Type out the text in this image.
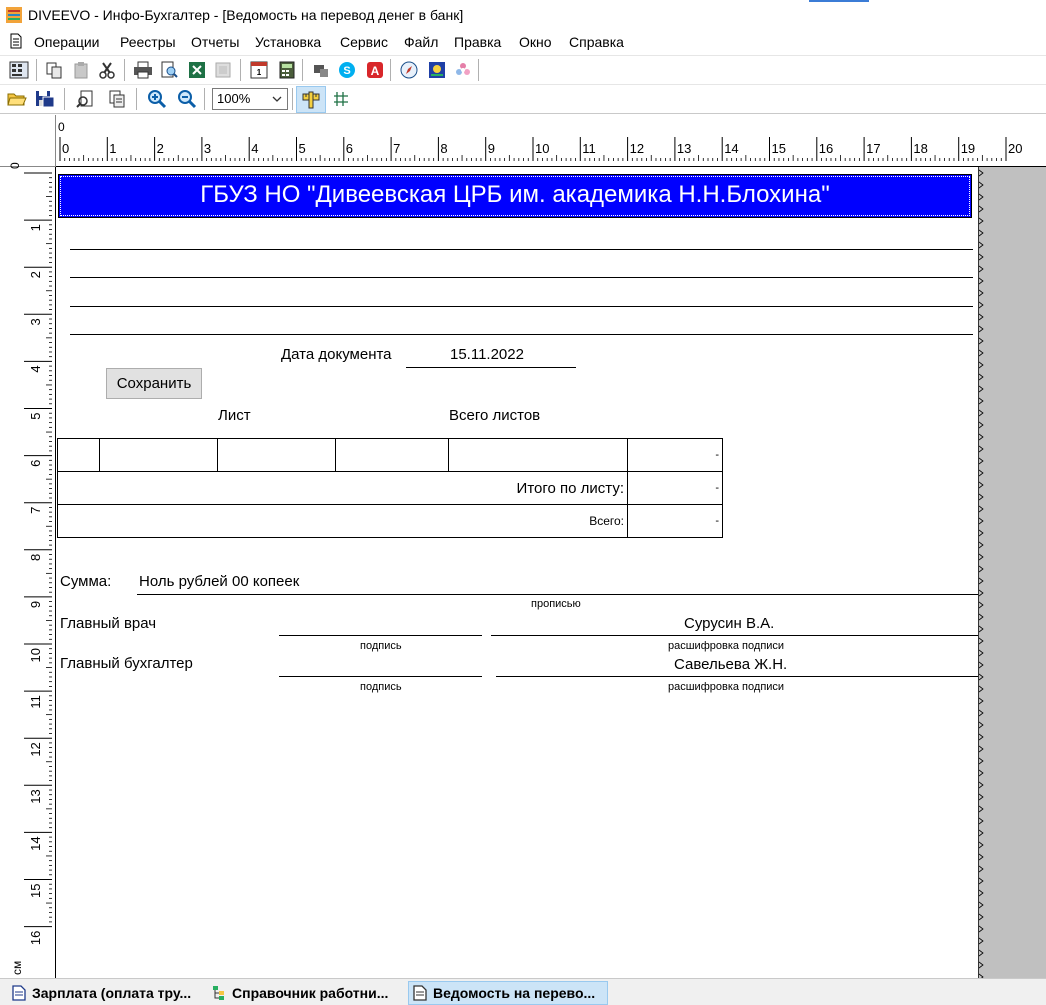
DIVEEVO - Инфо-Бухгалтер - [Ведомость на перевод денег в банк]
Операции Реестры Отчеты Установка Сервис Файл Правка Окно Справка
1	S A
100%
0
0	1	2	3	4	5	6	7	8	9	10	11	12	13	14	15	16	17	18	19	20
1
2
3
4
5
6
7
8
9
10
11
12
13
14
15
16
0
см
ГБУЗ НО "Дивеевская ЦРБ им. академика Н.Н.Блохина"
Дата документа	15.11.2022
Сохранить
Лист	Всего листов
					-
Итого по листу:					-
Всего:					-
Сумма: Ноль рублей 00 копеек
прописью
Главный врач	Сурусин В.А.
подпись	расшифровка подписи
Главный бухгалтер	Савельева Ж.Н.
подпись	расшифровка подписи
Зарплата (оплата тру...	Справочник работни...	Ведомость на перево...
